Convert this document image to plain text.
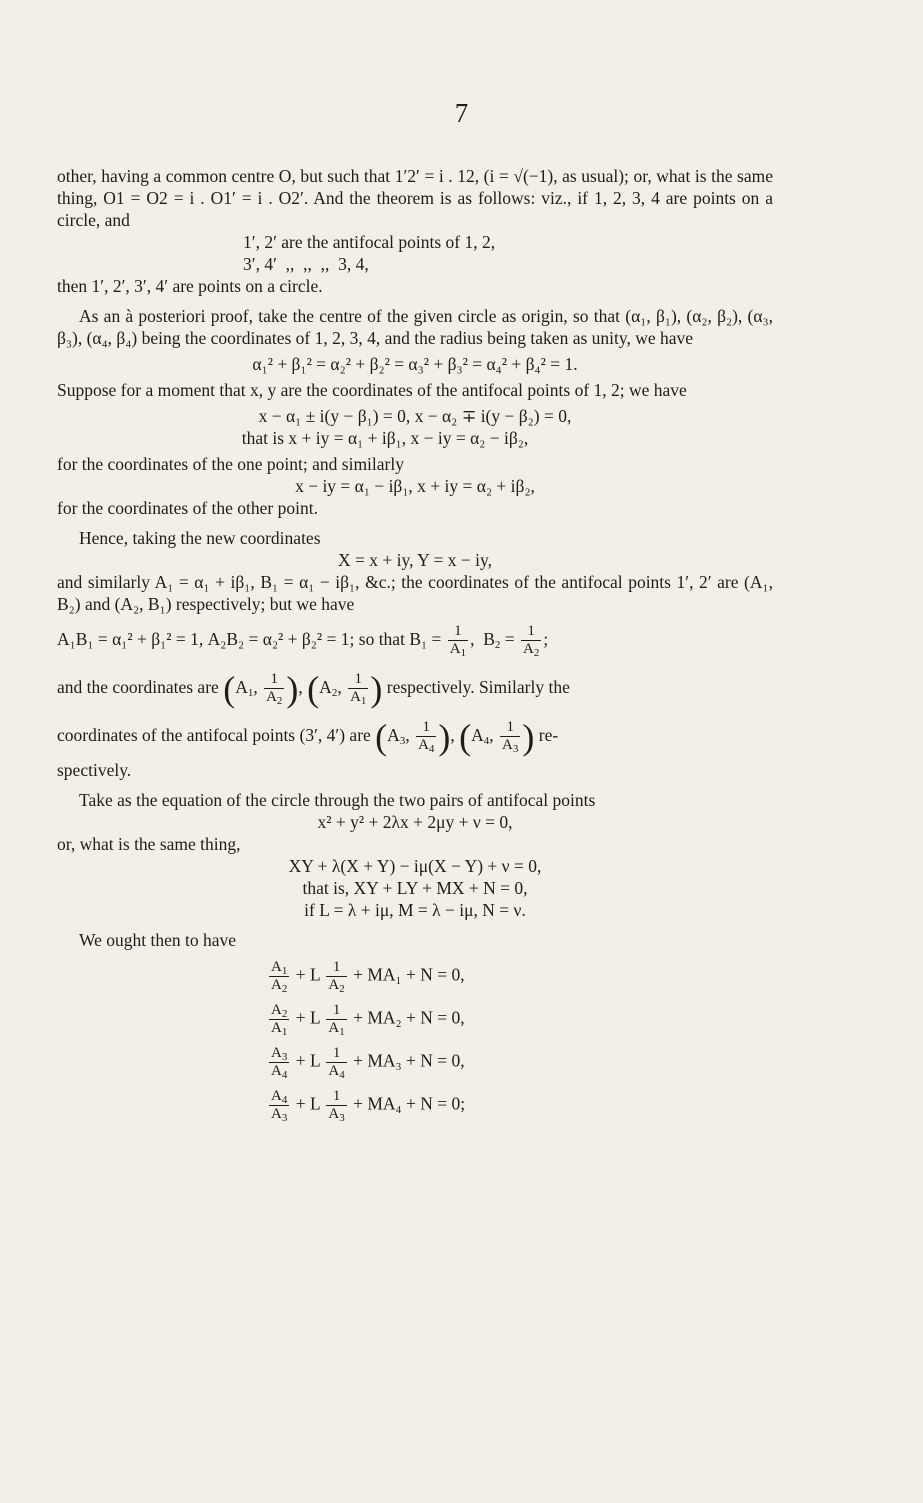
7

other, having a common centre O, but such that 1′2′ = i . 12, (i = √(−1), as usual); or, what is the same thing, O1 = O2 = i . O1′ = i . O2′. And the theorem is as follows: viz., if 1, 2, 3, 4 are points on a circle, and

1′, 2′ are the antifocal points of 1, 2,
3′, 4′  ,,  ,,  ,,  3, 4,

then 1′, 2′, 3′, 4′ are points on a circle.

As an à posteriori proof, take the centre of the given circle as origin, so that (α₁, β₁), (α₂, β₂), (α₃, β₃), (α₄, β₄) being the coordinates of 1, 2, 3, 4, and the radius being taken as unity, we have

α₁² + β₁² = α₂² + β₂² = α₃² + β₃² = α₄² + β₄² = 1.

Suppose for a moment that x, y are the coordinates of the antifocal points of 1, 2; we have

x − α₁ ± i(y − β₁) = 0, x − α₂ ∓ i(y − β₂) = 0,

that is x + iy = α₁ + iβ₁, x − iy = α₂ − iβ₂,

for the coordinates of the one point; and similarly

x − iy = α₁ − iβ₁, x + iy = α₂ + iβ₂,

for the coordinates of the other point.

Hence, taking the new coordinates

X = x + iy, Y = x − iy,

and similarly A₁ = α₁ + iβ₁, B₁ = α₁ − iβ₁, &c.; the coordinates of the antifocal points 1′, 2′ are (A₁, B₂) and (A₂, B₁) respectively; but we have

A₁B₁ = α₁² + β₁² = 1, A₂B₂ = α₂² + β₂² = 1; so that $B_1 = \frac{1}{A_1}$ ,  $B_2 = \frac{1}{A_2}$ ;
and the coordinates are ($A_1$, $\frac{1}{A_2}$ ), ($A_2$, $\frac{1}{A_1}$ ) respectively. Similarly the
coordinates of the antifocal points (3′, 4′) are ($A_3$, $\frac{1}{A_4}$ ), ($A_4$, $\frac{1}{A_3}$ ) re-

spectively.

Take as the equation of the circle through the two pairs of antifocal points

x² + y² + 2λx + 2μy + ν = 0,

or, what is the same thing,

XY + λ(X + Y) − iμ(X − Y) + ν = 0,

that is, XY + LY + MX + N = 0,

if L = λ + iμ, M = λ − iμ, N = ν.

We ought then to have

$\frac{A_1}{A_2} + L \frac{1}{A_2} + MA_1 + N = 0$,
$\frac{A_2}{A_1} + L \frac{1}{A_1} + MA_2 + N = 0$,
$\frac{A_3}{A_4} + L \frac{1}{A_4} + MA_3 + N = 0$,
$\frac{A_4}{A_3} + L \frac{1}{A_3} + MA_4 + N = 0$;
